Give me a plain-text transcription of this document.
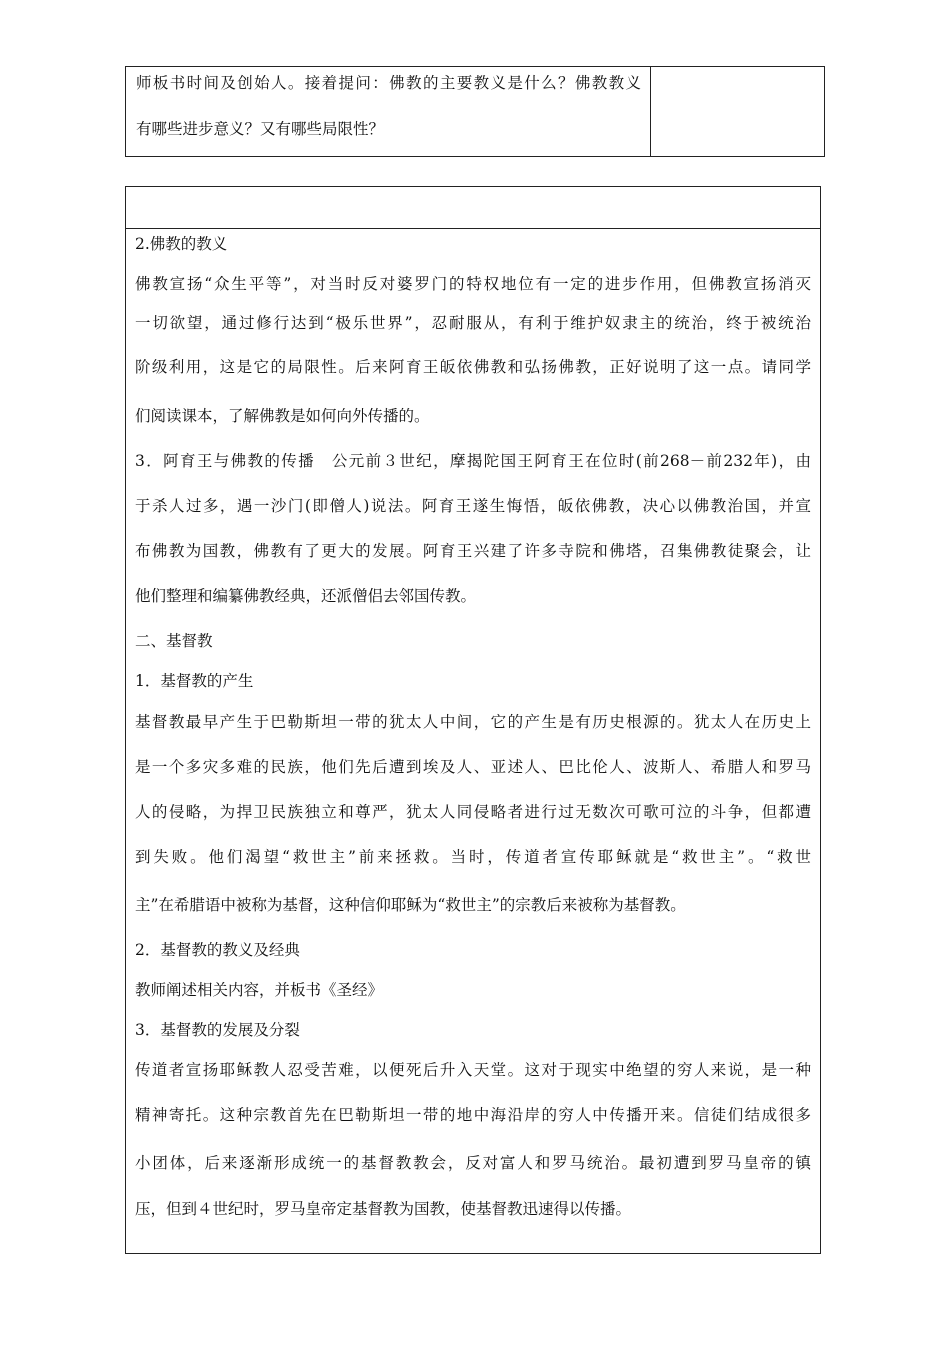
师板书时间及创始人。接着提问：佛教的主要教义是什么？佛教教义
有哪些进步意义？又有哪些局限性？
2.佛教的教义
佛教宣扬“众生平等”，对当时反对婆罗门的特权地位有一定的进步作用，但佛教宣扬消灭
一切欲望，通过修行达到“极乐世界”，忍耐服从，有利于维护奴隶主的统治，终于被统治
阶级利用，这是它的局限性。后来阿育王皈依佛教和弘扬佛教，正好说明了这一点。请同学
们阅读课本，了解佛教是如何向外传播的。
3．阿育王与佛教的传播　公元前３世纪，摩揭陀国王阿育王在位时(前268－前232年)，由
于杀人过多，遇一沙门(即僧人)说法。阿育王遂生悔悟，皈依佛教，决心以佛教治国，并宣
布佛教为国教，佛教有了更大的发展。阿育王兴建了许多寺院和佛塔，召集佛教徒聚会，让
他们整理和编纂佛教经典，还派僧侣去邻国传教。
二、基督教
1．基督教的产生
基督教最早产生于巴勒斯坦一带的犹太人中间，它的产生是有历史根源的。犹太人在历史上
是一个多灾多难的民族，他们先后遭到埃及人、亚述人、巴比伦人、波斯人、希腊人和罗马
人的侵略，为捍卫民族独立和尊严，犹太人同侵略者进行过无数次可歌可泣的斗争，但都遭
到失败。他们渴望“救世主”前来拯救。当时，传道者宣传耶稣就是“救世主”。“救世
主”在希腊语中被称为基督，这种信仰耶稣为“救世主”的宗教后来被称为基督教。
2．基督教的教义及经典
教师阐述相关内容，并板书《圣经》
3．基督教的发展及分裂
传道者宣扬耶稣教人忍受苦难，以便死后升入天堂。这对于现实中绝望的穷人来说，是一种
精神寄托。这种宗教首先在巴勒斯坦一带的地中海沿岸的穷人中传播开来。信徒们结成很多
小团体，后来逐渐形成统一的基督教教会，反对富人和罗马统治。最初遭到罗马皇帝的镇
压，但到４世纪时，罗马皇帝定基督教为国教，使基督教迅速得以传播。
